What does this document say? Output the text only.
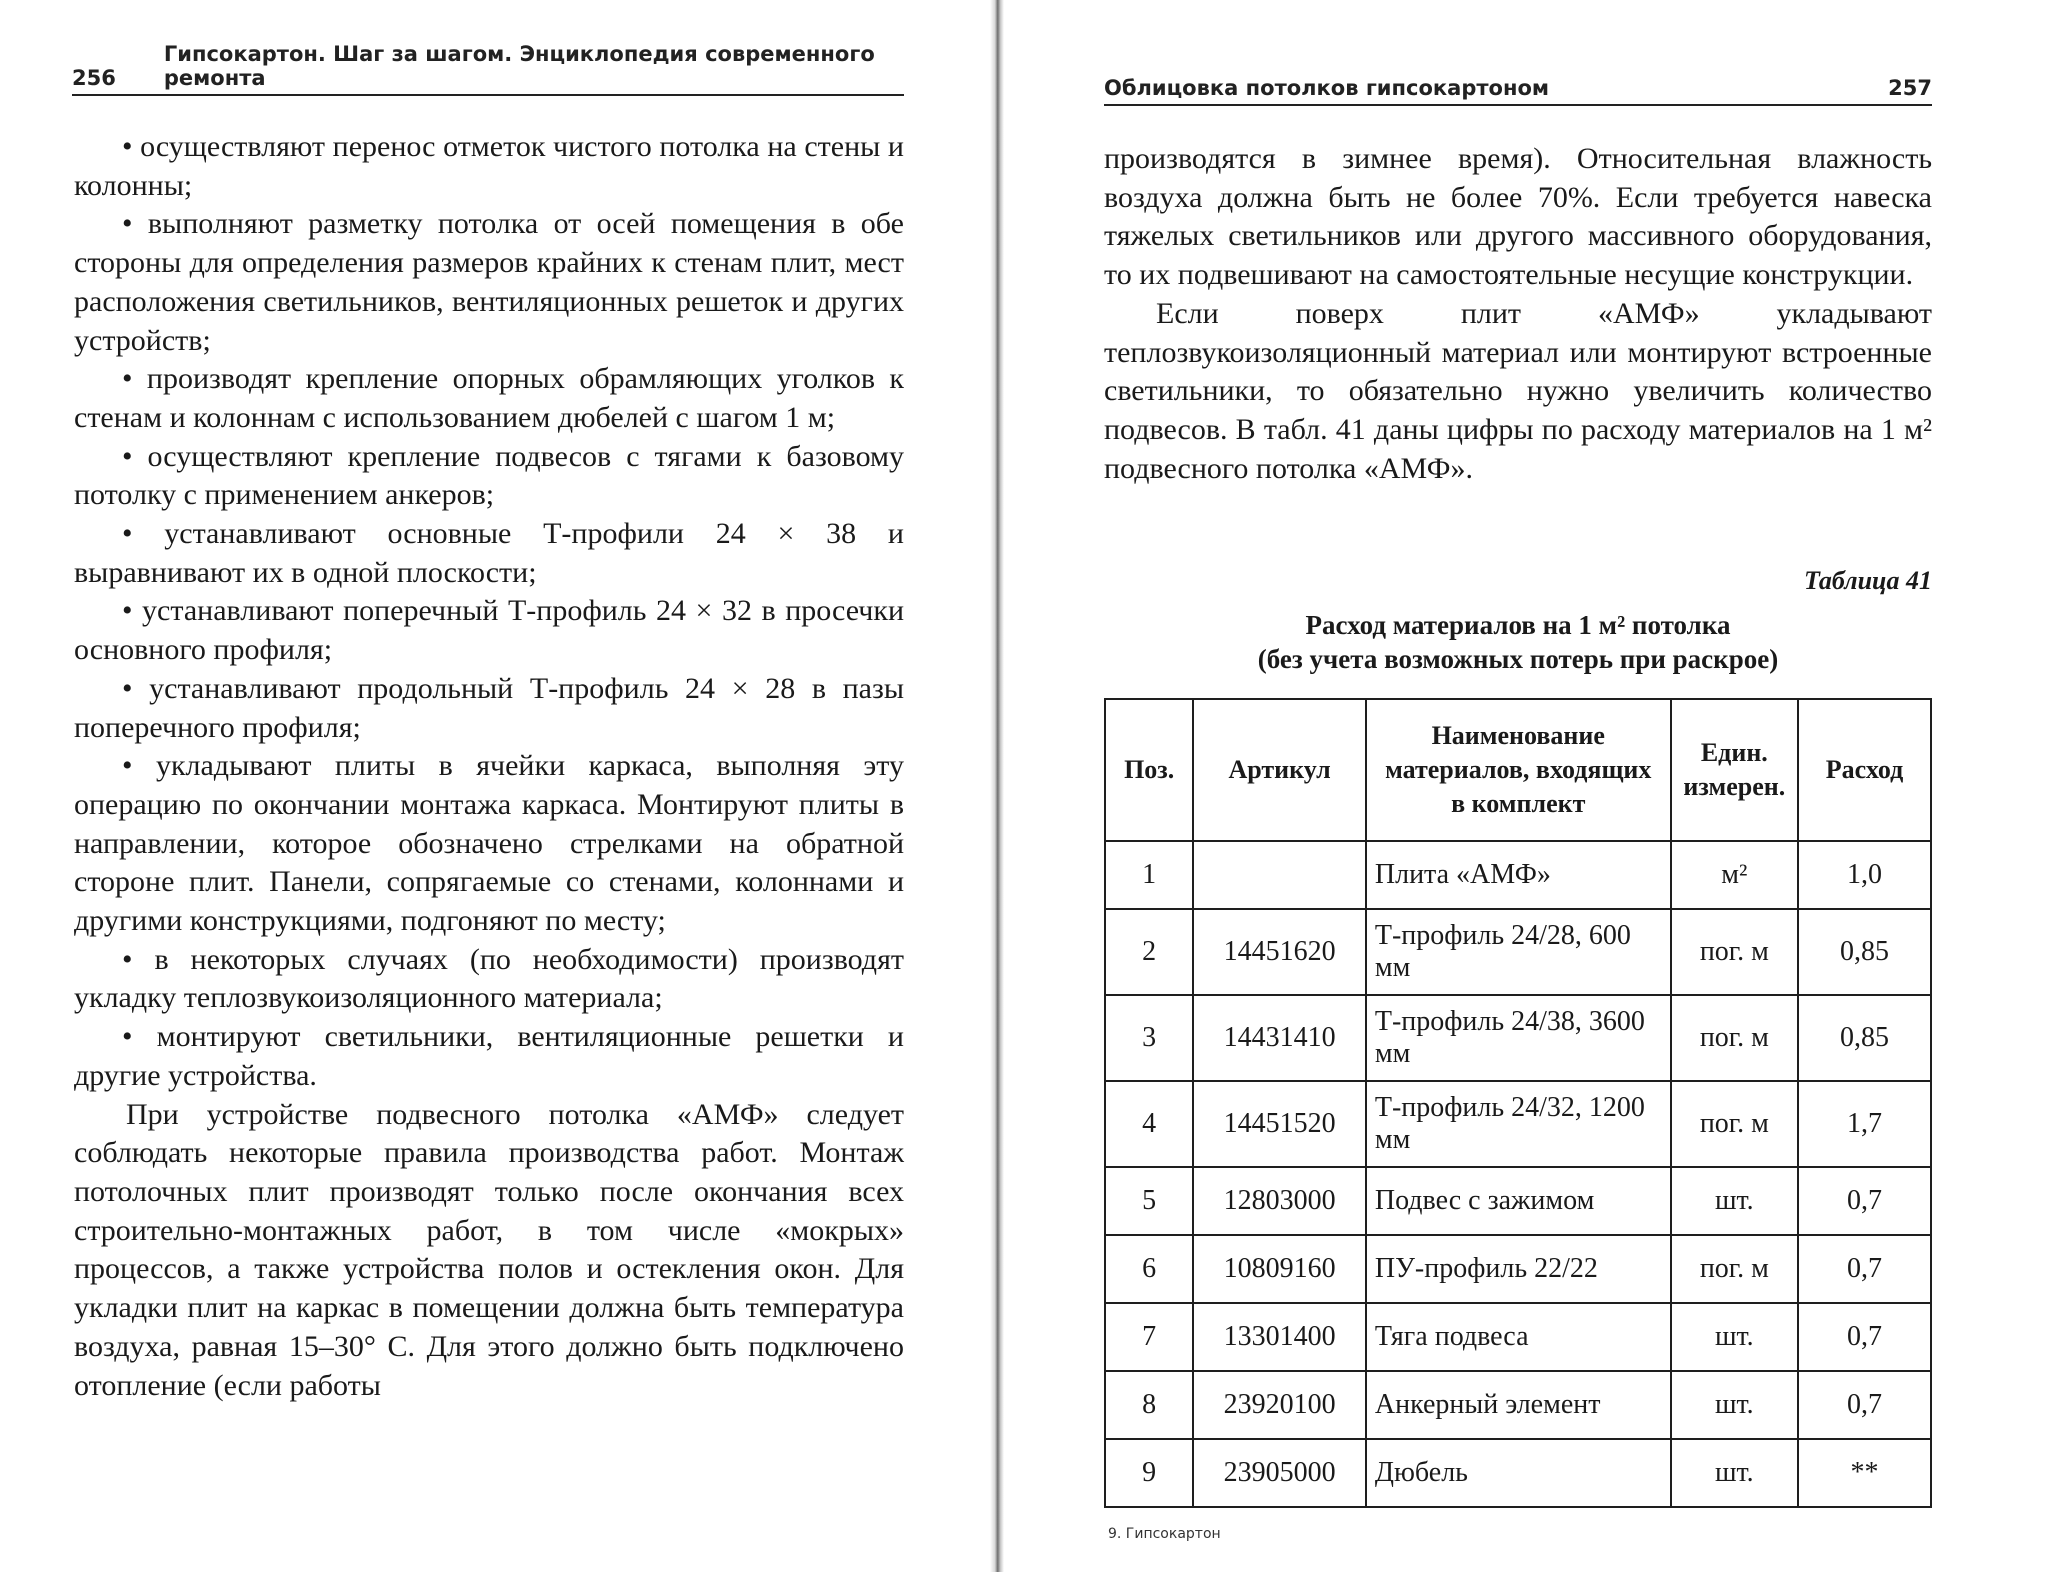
256
Гипсокартон. Шаг за шагом. Энциклопедия современного ремонта

• осуществляют перенос отметок чистого потолка на стены и колонны;

• выполняют разметку потолка от осей помещения в обе стороны для определения размеров крайних к стенам плит, мест расположения светильников, вентиляционных решеток и других устройств;

• производят крепление опорных обрамляющих уголков к стенам и колоннам с использованием дюбелей с шагом 1 м;

• осуществляют крепление подвесов с тягами к базовому потолку с применением анкеров;

• устанавливают основные Т-профили 24 × 38 и выравнивают их в одной плоскости;

• устанавливают поперечный Т-профиль 24 × 32 в просечки основного профиля;

• устанавливают продольный Т-профиль 24 × 28 в пазы поперечного профиля;

• укладывают плиты в ячейки каркаса, выполняя эту операцию по окончании монтажа каркаса. Монтируют плиты в направлении, которое обозначено стрелками на обратной стороне плит. Панели, сопрягаемые со стенами, колоннами и другими конструкциями, подгоняют по месту;

• в некоторых случаях (по необходимости) производят укладку теплозвукоизоляционного материала;

• монтируют светильники, вентиляционные решетки и другие устройства.

При устройстве подвесного потолка «АМФ» следует соблюдать некоторые правила производства работ. Монтаж потолочных плит производят только после окончания всех строительно-монтажных работ, в том числе «мокрых» процессов, а также устройства полов и остекления окон. Для укладки плит на каркас в помещении должна быть температура воздуха, равная 15–30° С. Для этого должно быть подключено отопление (если работы

Облицовка потолков гипсокартоном	257

производятся в зимнее время). Относительная влажность воздуха должна быть не более 70%. Если требуется навеска тяжелых светильников или другого массивного оборудования, то их подвешивают на самостоятельные несущие конструкции.

Если поверх плит «АМФ» укладывают теплозвукоизоляционный материал или монтируют встроенные светильники, то обязательно нужно увеличить количество подвесов. В табл. 41 даны цифры по расходу материалов на 1 м² подвесного потолка «АМФ».

Таблица 41
Расход материалов на 1 м² потолка
(без учета возможных потерь при раскрое)
Поз.	Артикул	Наименование материалов, входящих в комплект	Един. измерен.	Расход
1		Плита «АМФ»	м²	1,0
2	14451620	Т-профиль 24/28, 600 мм	пог. м	0,85
3	14431410	Т-профиль 24/38, 3600 мм	пог. м	0,85
4	14451520	Т-профиль 24/32, 1200 мм	пог. м	1,7
5	12803000	Подвес с зажимом	шт.	0,7
6	10809160	ПУ-профиль 22/22	пог. м	0,7
7	13301400	Тяга подвеса	шт.	0,7
8	23920100	Анкерный элемент	шт.	0,7
9	23905000	Дюбель	шт.	**
9. Гипсокартон
